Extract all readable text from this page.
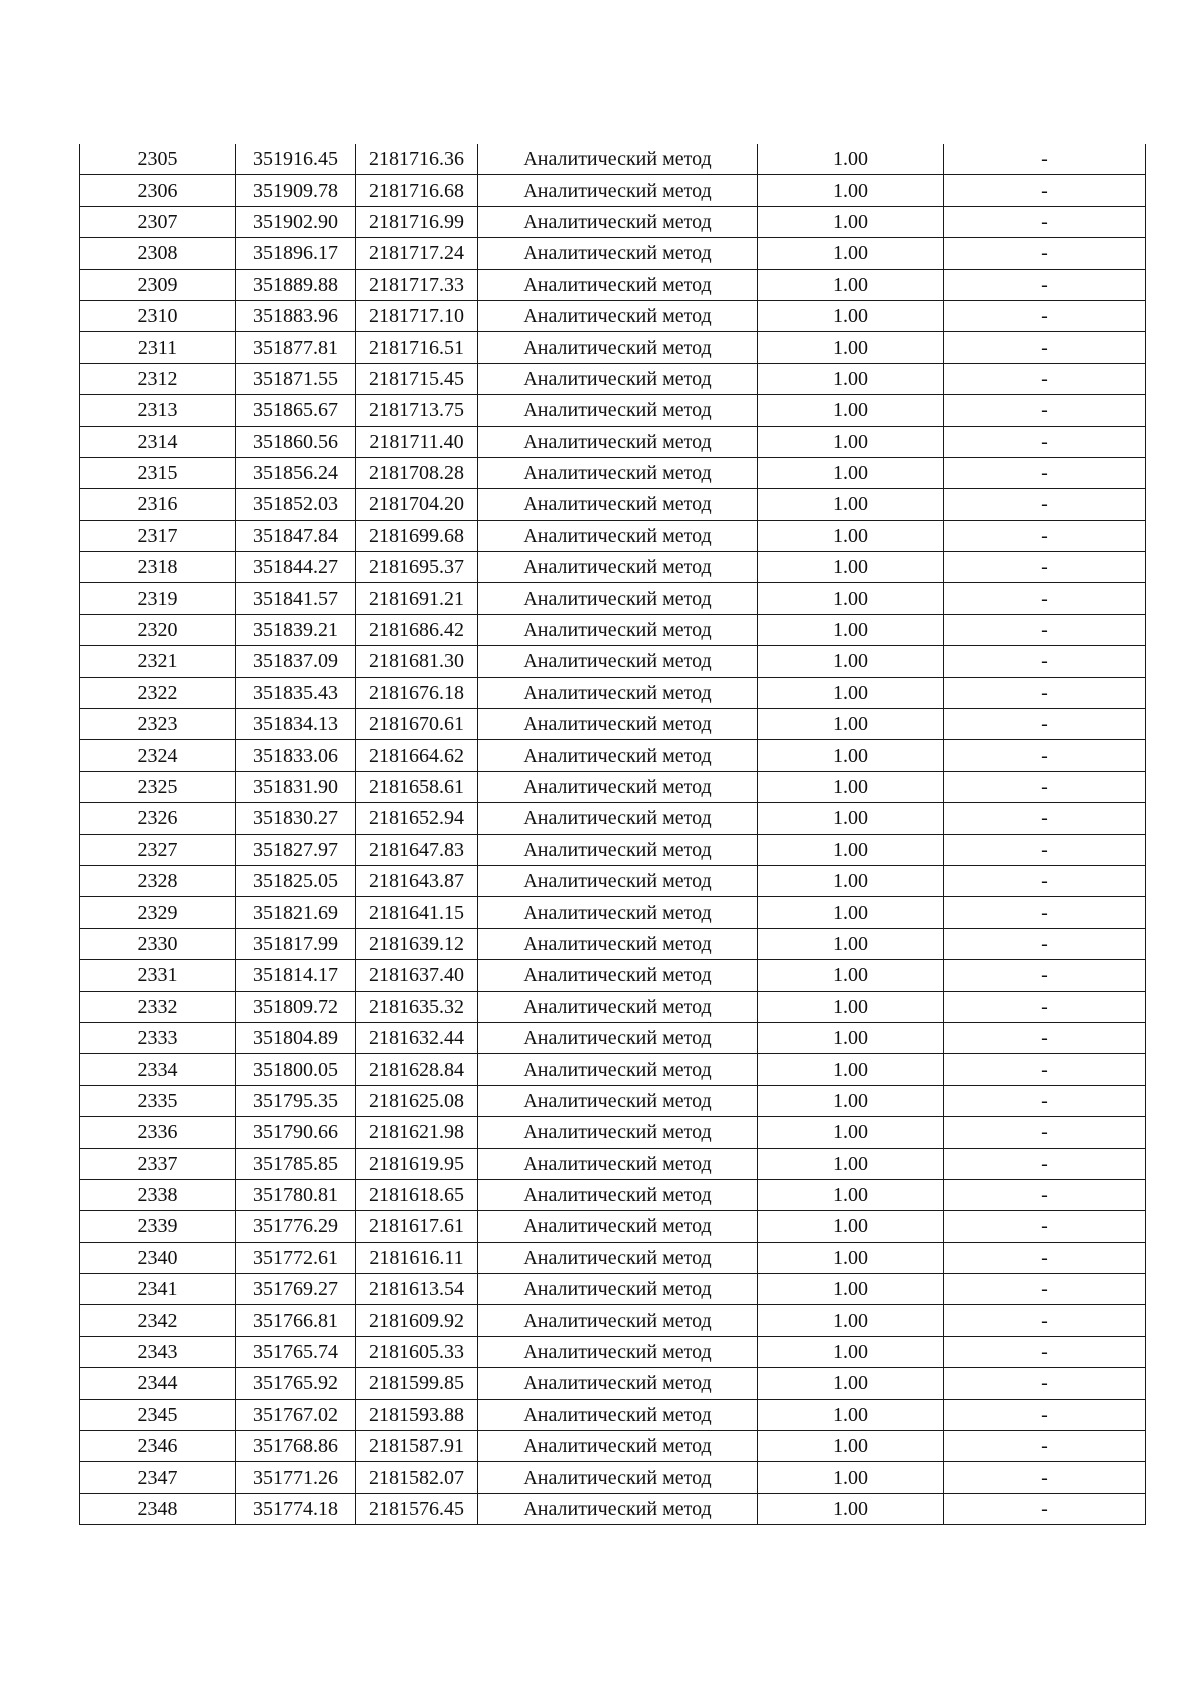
2305	351916.45	2181716.36	Аналитический метод	1.00	-
2306	351909.78	2181716.68	Аналитический метод	1.00	-
2307	351902.90	2181716.99	Аналитический метод	1.00	-
2308	351896.17	2181717.24	Аналитический метод	1.00	-
2309	351889.88	2181717.33	Аналитический метод	1.00	-
2310	351883.96	2181717.10	Аналитический метод	1.00	-
2311	351877.81	2181716.51	Аналитический метод	1.00	-
2312	351871.55	2181715.45	Аналитический метод	1.00	-
2313	351865.67	2181713.75	Аналитический метод	1.00	-
2314	351860.56	2181711.40	Аналитический метод	1.00	-
2315	351856.24	2181708.28	Аналитический метод	1.00	-
2316	351852.03	2181704.20	Аналитический метод	1.00	-
2317	351847.84	2181699.68	Аналитический метод	1.00	-
2318	351844.27	2181695.37	Аналитический метод	1.00	-
2319	351841.57	2181691.21	Аналитический метод	1.00	-
2320	351839.21	2181686.42	Аналитический метод	1.00	-
2321	351837.09	2181681.30	Аналитический метод	1.00	-
2322	351835.43	2181676.18	Аналитический метод	1.00	-
2323	351834.13	2181670.61	Аналитический метод	1.00	-
2324	351833.06	2181664.62	Аналитический метод	1.00	-
2325	351831.90	2181658.61	Аналитический метод	1.00	-
2326	351830.27	2181652.94	Аналитический метод	1.00	-
2327	351827.97	2181647.83	Аналитический метод	1.00	-
2328	351825.05	2181643.87	Аналитический метод	1.00	-
2329	351821.69	2181641.15	Аналитический метод	1.00	-
2330	351817.99	2181639.12	Аналитический метод	1.00	-
2331	351814.17	2181637.40	Аналитический метод	1.00	-
2332	351809.72	2181635.32	Аналитический метод	1.00	-
2333	351804.89	2181632.44	Аналитический метод	1.00	-
2334	351800.05	2181628.84	Аналитический метод	1.00	-
2335	351795.35	2181625.08	Аналитический метод	1.00	-
2336	351790.66	2181621.98	Аналитический метод	1.00	-
2337	351785.85	2181619.95	Аналитический метод	1.00	-
2338	351780.81	2181618.65	Аналитический метод	1.00	-
2339	351776.29	2181617.61	Аналитический метод	1.00	-
2340	351772.61	2181616.11	Аналитический метод	1.00	-
2341	351769.27	2181613.54	Аналитический метод	1.00	-
2342	351766.81	2181609.92	Аналитический метод	1.00	-
2343	351765.74	2181605.33	Аналитический метод	1.00	-
2344	351765.92	2181599.85	Аналитический метод	1.00	-
2345	351767.02	2181593.88	Аналитический метод	1.00	-
2346	351768.86	2181587.91	Аналитический метод	1.00	-
2347	351771.26	2181582.07	Аналитический метод	1.00	-
2348	351774.18	2181576.45	Аналитический метод	1.00	-
